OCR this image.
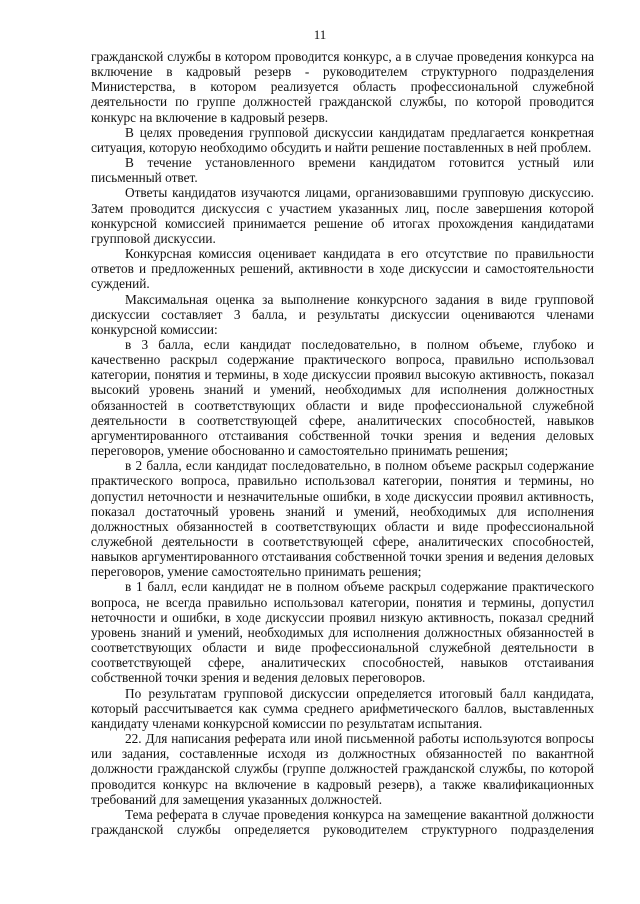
11

гражданской службы в котором проводится конкурс, а в случае проведения конкурса на включение в кадровый резерв - руководителем структурного подразделения Министерства, в котором реализуется область профессиональной служебной деятельности по группе должностей гражданской службы, по которой проводится конкурс на включение в кадровый резерв.

В целях проведения групповой дискуссии кандидатам предлагается конкретная ситуация, которую необходимо обсудить и найти решение поставленных в ней проблем.

В течение установленного времени кандидатом готовится устный или письменный ответ.

Ответы кандидатов изучаются лицами, организовавшими групповую дискуссию. Затем проводится дискуссия с участием указанных лиц, после завершения которой конкурсной комиссией принимается решение об итогах прохождения кандидатами групповой дискуссии.

Конкурсная комиссия оценивает кандидата в его отсутствие по правильности ответов и предложенных решений, активности в ходе дискуссии и самостоятельности суждений.

Максимальная оценка за выполнение конкурсного задания в виде групповой дискуссии составляет 3 балла, и результаты дискуссии оцениваются членами конкурсной комиссии:

в 3 балла, если кандидат последовательно, в полном объеме, глубоко и качественно раскрыл содержание практического вопроса, правильно использовал категории, понятия и термины, в ходе дискуссии проявил высокую активность, показал высокий уровень знаний и умений, необходимых для исполнения должностных обязанностей в соответствующих области и виде профессиональной служебной деятельности в соответствующей сфере, аналитических способностей, навыков аргументированного отстаивания собственной точки зрения и ведения деловых переговоров, умение обоснованно и самостоятельно принимать решения;

в 2 балла, если кандидат последовательно, в полном объеме раскрыл содержание практического вопроса, правильно использовал категории, понятия и термины, но допустил неточности и незначительные ошибки, в ходе дискуссии проявил активность, показал достаточный уровень знаний и умений, необходимых для исполнения должностных обязанностей в соответствующих области и виде профессиональной служебной деятельности в соответствующей сфере, аналитических способностей, навыков аргументированного отстаивания собственной точки зрения и ведения деловых переговоров, умение самостоятельно принимать решения;

в 1 балл, если кандидат не в полном объеме раскрыл содержание практического вопроса, не всегда правильно использовал категории, понятия и термины, допустил неточности и ошибки, в ходе дискуссии проявил низкую активность, показал средний уровень знаний и умений, необходимых для исполнения должностных обязанностей в соответствующих области и виде профессиональной служебной деятельности в соответствующей сфере, аналитических способностей, навыков отстаивания собственной точки зрения и ведения деловых переговоров.

По результатам групповой дискуссии определяется итоговый балл кандидата, который рассчитывается как сумма среднего арифметического баллов, выставленных кандидату членами конкурсной комиссии по результатам испытания.

22. Для написания реферата или иной письменной работы используются вопросы или задания, составленные исходя из должностных обязанностей по вакантной должности гражданской службы (группе должностей гражданской службы, по которой проводится конкурс на включение в кадровый резерв), а также квалификационных требований для замещения указанных должностей.

Тема реферата в случае проведения конкурса на замещение вакантной должности гражданской службы определяется руководителем структурного подразделения
